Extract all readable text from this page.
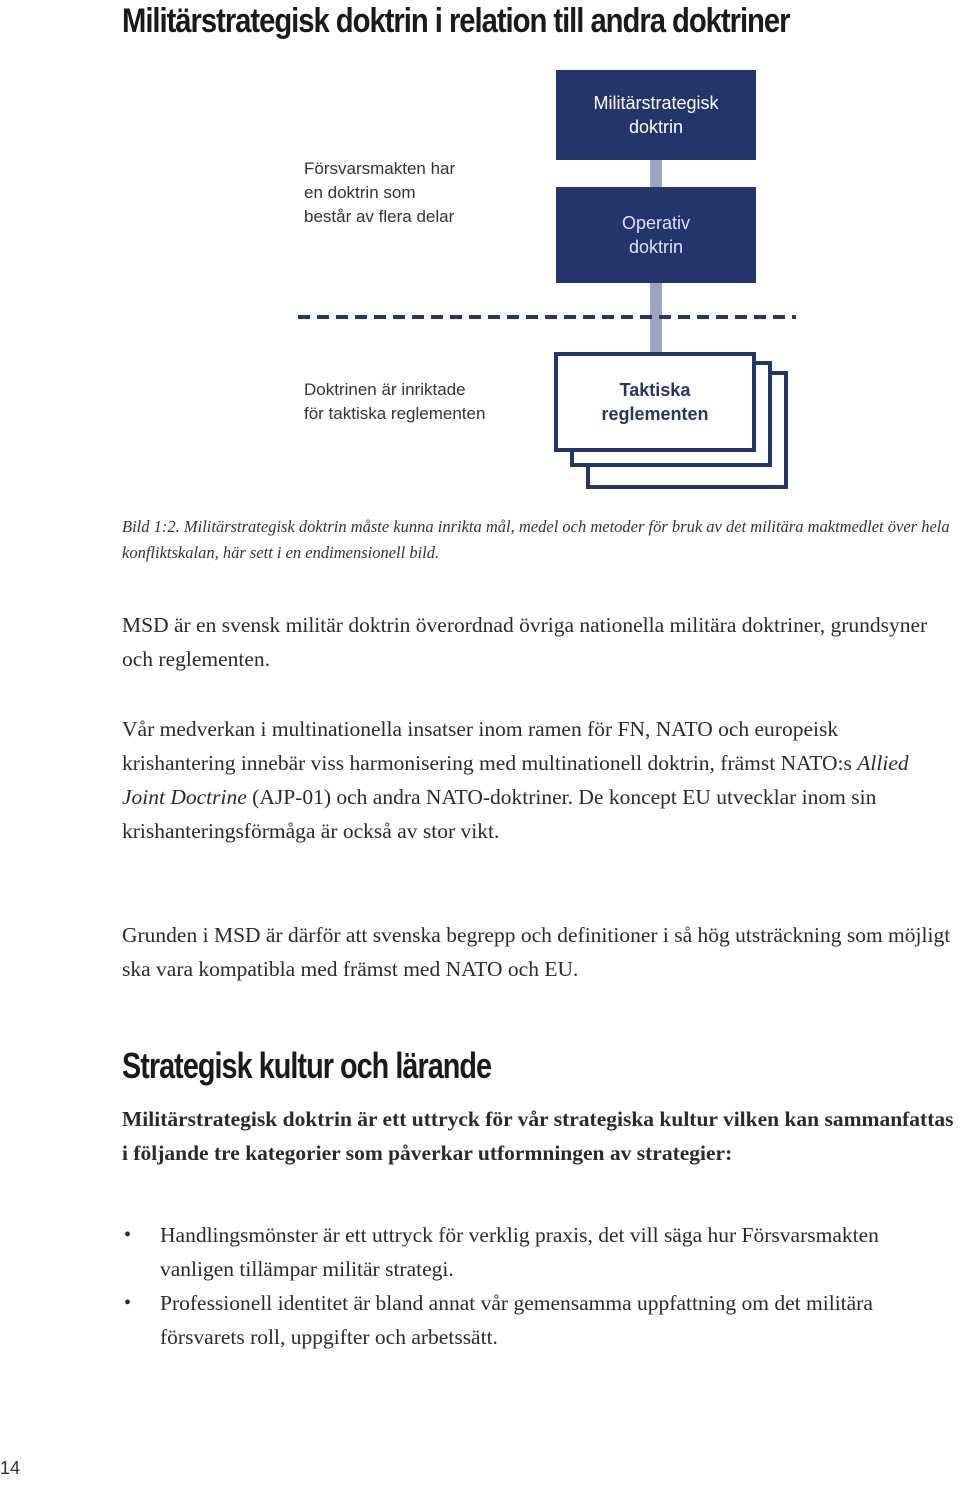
Militärstrategisk doktrin i relation till andra doktriner
Militärstrategisk
doktrin
Operativ
doktrin
Taktiska
reglementen
Försvarsmakten har
en doktrin som
består av flera delar
Doktrinen är inriktade
för taktiska reglementen

Bild 1:2. Militärstrategisk doktrin måste kunna inrikta mål, medel och metoder för bruk av det militära maktmedlet över hela konfliktskalan, här sett i en endimensionell bild.

MSD är en svensk militär doktrin överordnad övriga nationella militära doktriner, grundsyner och reglementen.

Vår medverkan i multinationella insatser inom ramen för FN, NATO och europeisk krishantering innebär viss harmonisering med multinationell doktrin, främst NATO:s Allied Joint Doctrine (AJP-01) och andra NATO-doktriner. De koncept EU utvecklar inom sin krishanteringsförmåga är också av stor vikt.

Grunden i MSD är därför att svenska begrepp och definitioner i så hög utsträckning som möjligt ska vara kompatibla med främst med NATO och EU.

Strategisk kultur och lärande

Militärstrategisk doktrin är ett uttryck för vår strategiska kultur vilken kan sammanfattas i följande tre kategorier som påverkar utformningen av strategier:

• Handlingsmönster är ett uttryck för verklig praxis, det vill säga hur Försvarsmakten vanligen tillämpar militär strategi.
• Professionell identitet är bland annat vår gemensamma uppfattning om det militära försvarets roll, uppgifter och arbetssätt.
14
